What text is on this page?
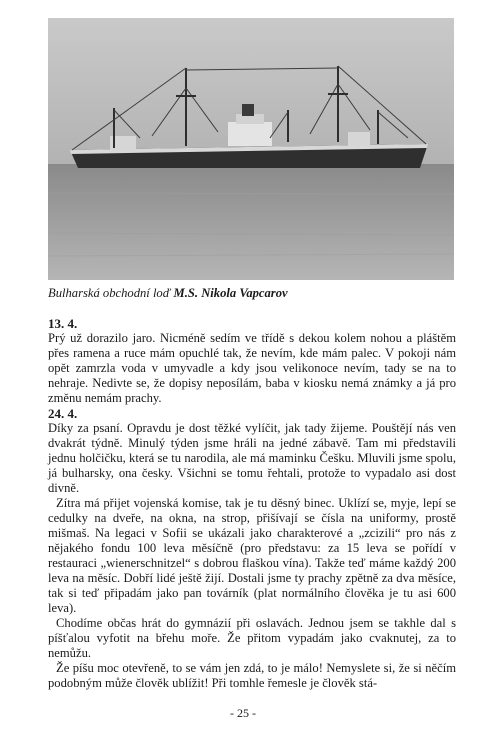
Bulharská obchodní loď M.S. Nikola Vapcarov
13. 4.

Prý už dorazilo jaro. Nicméně sedím ve třídě s dekou kolem nohou a pláštěm přes ramena a ruce mám opuchlé tak, že nevím, kde mám palec. V pokoji nám opět zamrzla voda v umyvadle a kdy jsou velikonoce nevím, tady se na to nehraje. Nedivte se, že dopisy neposílám, baba v kiosku nemá známky a já pro změnu nemám prachy.

24. 4.

Díky za psaní. Opravdu je dost těžké vylíčit, jak tady žijeme. Pouštějí nás ven dvakrát týdně. Minulý týden jsme hráli na jedné zábavě. Tam mi představili jednu holčičku, která se tu narodila, ale má maminku Češku. Mluvili jsme spolu, já bulharsky, ona česky. Všichni se tomu řehtali, protože to vypadalo asi dost divně.

Zítra má přijet vojenská komise, tak je tu děsný binec. Uklízí se, myje, lepí se cedulky na dveře, na okna, na strop, přišívají se čísla na uniformy, prostě mišmaš. Na legaci v Sofii se ukázali jako charakterové a „zcizili“ pro nás z nějakého fondu 100 leva měsíčně (pro představu: za 15 leva se pořídí v restauraci „wienerschnitzel“ s dobrou flaškou vína). Takže teď máme každý 200 leva na měsíc. Dobří lidé ještě žijí. Dostali jsme ty prachy zpětně za dva měsíce, tak si teď připadám jako pan továrník (plat normálního člověka je tu asi 600 leva).

Chodíme občas hrát do gymnázií při oslavách. Jednou jsem se takhle dal s píšťalou vyfotit na břehu moře. Že přitom vypadám jako cvaknutej, za to nemůžu.

Že píšu moc otevřeně, to se vám jen zdá, to je málo! Nemyslete si, že si něčím podobným může člověk ublížit! Při tomhle řemesle je člověk stá-

- 25 -
